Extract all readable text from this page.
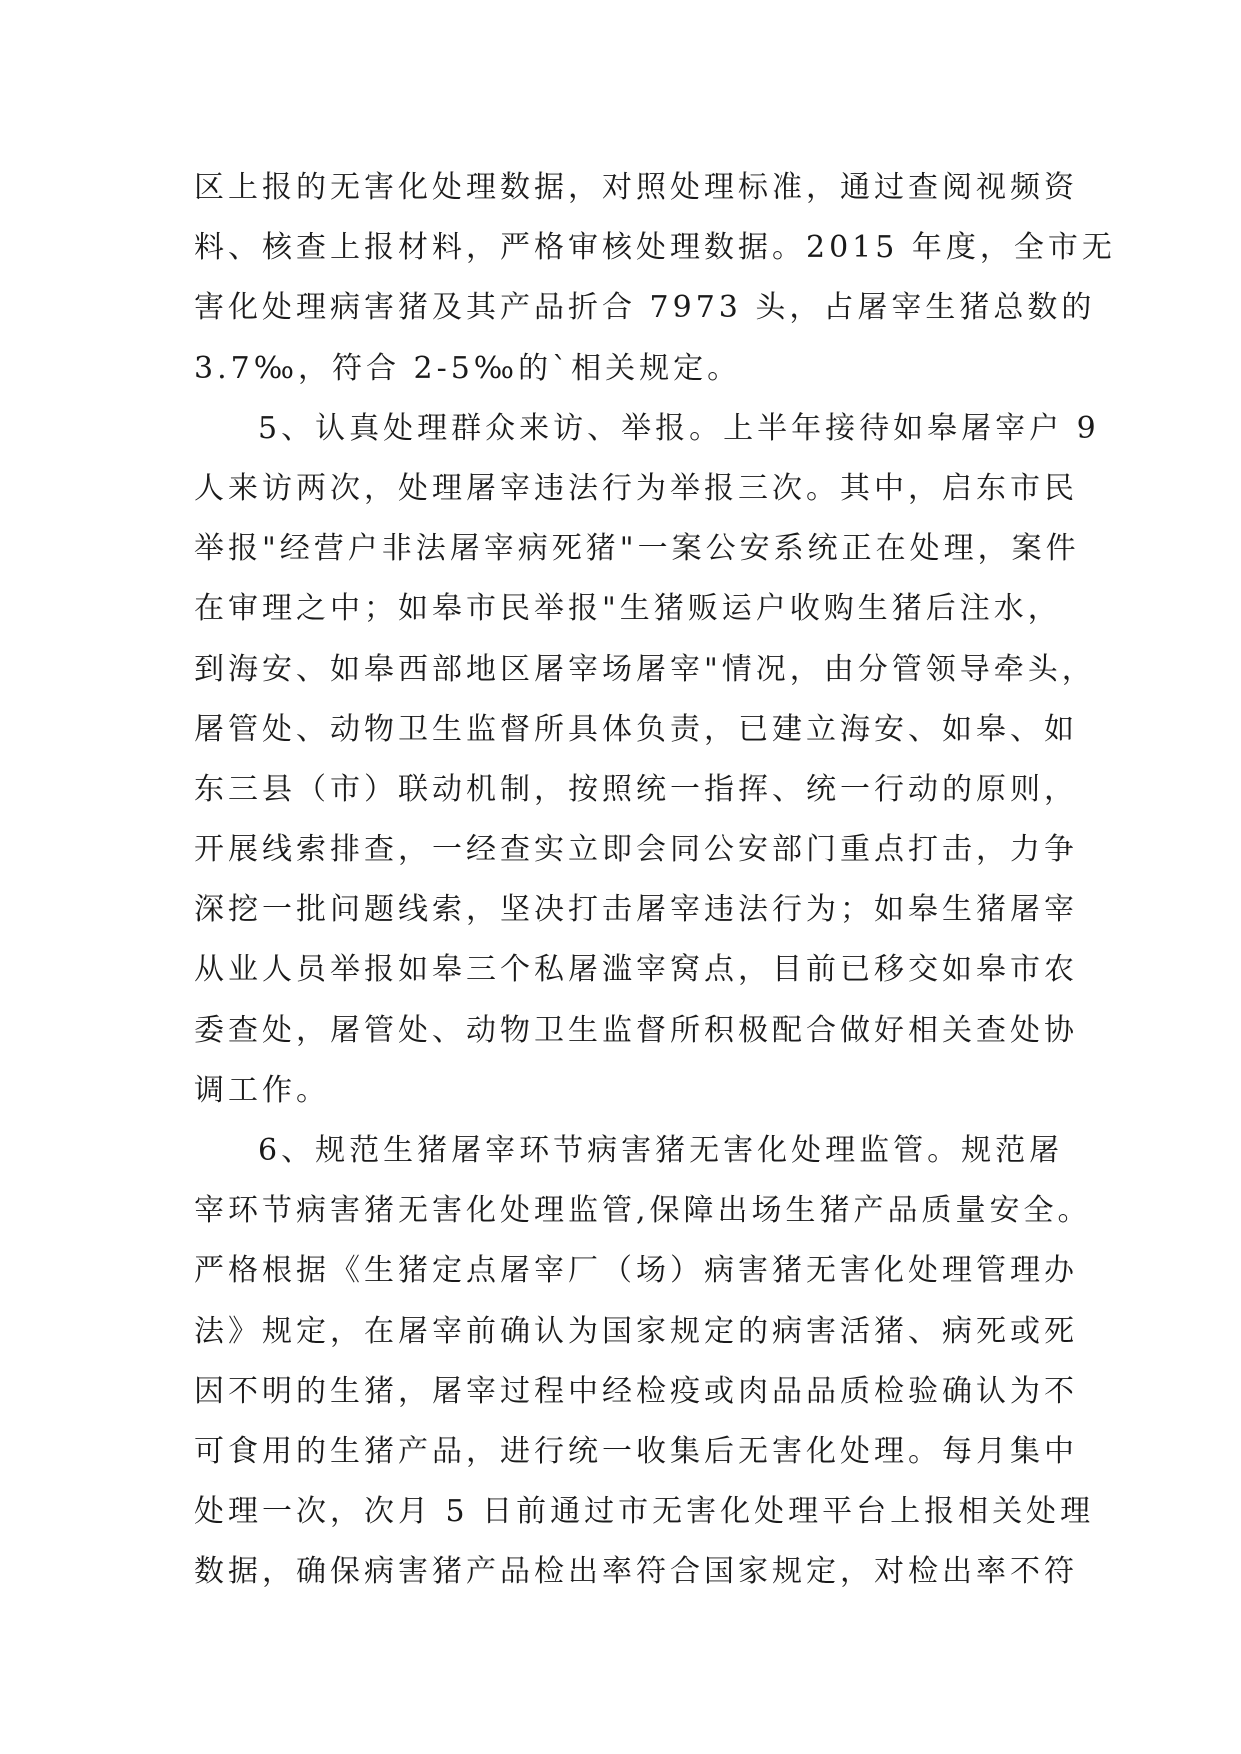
区上报的无害化处理数据，对照处理标准，通过查阅视频资
料、核查上报材料，严格审核处理数据。2015 年度，全市无
害化处理病害猪及其产品折合 7973 头，占屠宰生猪总数的
3.7‰，符合 2-5‰的`相关规定。
5、认真处理群众来访、举报。上半年接待如皋屠宰户 9
人来访两次，处理屠宰违法行为举报三次。其中，启东市民
举报"经营户非法屠宰病死猪"一案公安系统正在处理，案件
在审理之中；如皋市民举报"生猪贩运户收购生猪后注水，
到海安、如皋西部地区屠宰场屠宰"情况，由分管领导牵头，
屠管处、动物卫生监督所具体负责，已建立海安、如皋、如
东三县（市）联动机制，按照统一指挥、统一行动的原则，
开展线索排查，一经查实立即会同公安部门重点打击，力争
深挖一批问题线索，坚决打击屠宰违法行为；如皋生猪屠宰
从业人员举报如皋三个私屠滥宰窝点，目前已移交如皋市农
委查处，屠管处、动物卫生监督所积极配合做好相关查处协
调工作。
6、规范生猪屠宰环节病害猪无害化处理监管。规范屠
宰环节病害猪无害化处理监管,保障出场生猪产品质量安全。
严格根据《生猪定点屠宰厂（场）病害猪无害化处理管理办
法》规定，在屠宰前确认为国家规定的病害活猪、病死或死
因不明的生猪，屠宰过程中经检疫或肉品品质检验确认为不
可食用的生猪产品，进行统一收集后无害化处理。每月集中
处理一次，次月 5 日前通过市无害化处理平台上报相关处理
数据，确保病害猪产品检出率符合国家规定，对检出率不符
